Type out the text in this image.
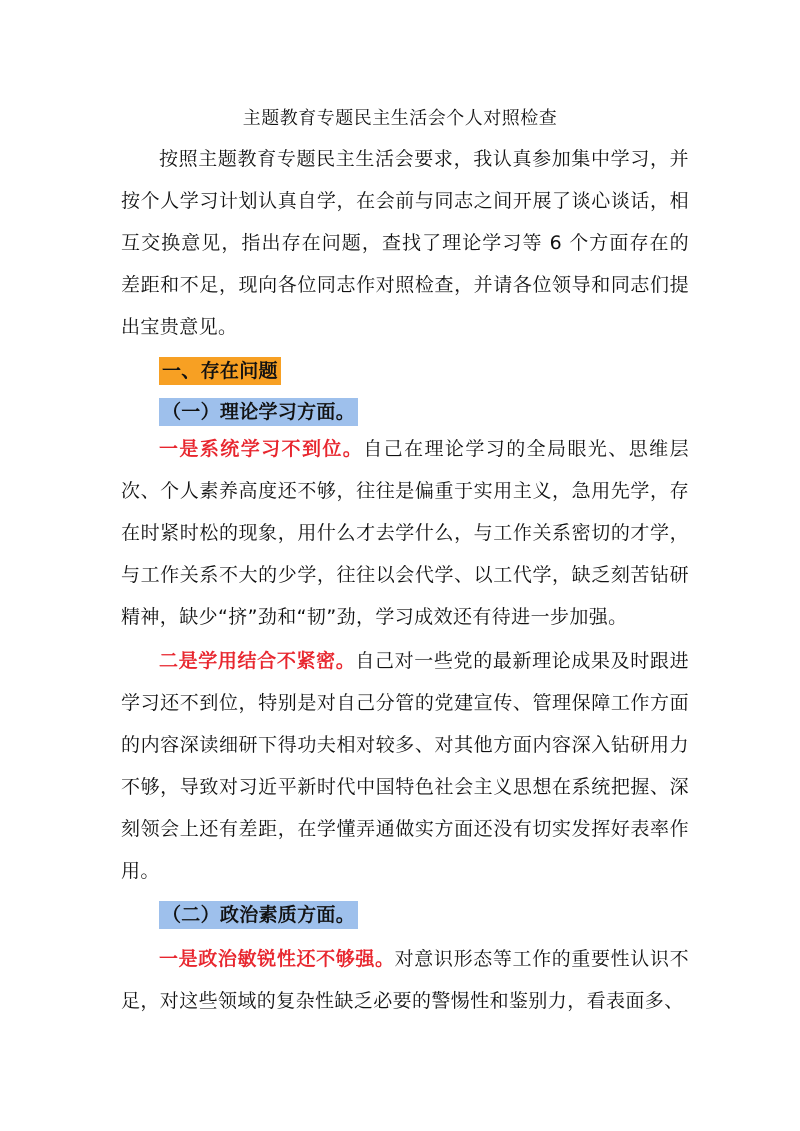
主题教育专题民主生活会个人对照检查
按照主题教育专题民主生活会要求，我认真参加集中学习，并按个人学习计划认真自学，在会前与同志之间开展了谈心谈话，相互交换意见，指出存在问题，查找了理论学习等 6 个方面存在的差距和不足，现向各位同志作对照检查，并请各位领导和同志们提出宝贵意见。
一、存在问题
（一）理论学习方面。
一是系统学习不到位。自己在理论学习的全局眼光、思维层次、个人素养高度还不够，往往是偏重于实用主义，急用先学，存在时紧时松的现象，用什么才去学什么，与工作关系密切的才学，与工作关系不大的少学，往往以会代学、以工代学，缺乏刻苦钻研精神，缺少“挤”劲和“韧”劲，学习成效还有待进一步加强。
二是学用结合不紧密。自己对一些党的最新理论成果及时跟进学习还不到位，特别是对自己分管的党建宣传、管理保障工作方面的内容深读细研下得功夫相对较多、对其他方面内容深入钻研用力不够，导致对习近平新时代中国特色社会主义思想在系统把握、深刻领会上还有差距，在学懂弄通做实方面还没有切实发挥好表率作用。
（二）政治素质方面。
一是政治敏锐性还不够强。对意识形态等工作的重要性认识不足，对这些领域的复杂性缺乏必要的警惕性和鉴别力，看表面多、
